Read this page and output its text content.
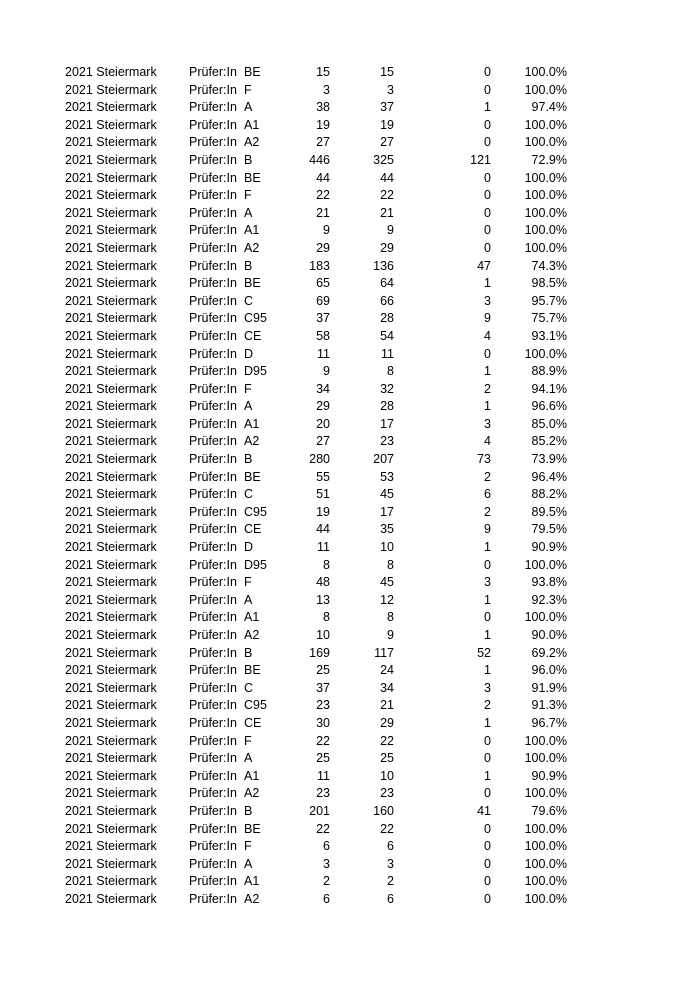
2021 Steiermark	Prüfer:In BE	15	15	0	100.0%
2021 Steiermark	Prüfer:In F	3	3	0	100.0%
2021 Steiermark	Prüfer:In A	38	37	1	97.4%
2021 Steiermark	Prüfer:In A1	19	19	0	100.0%
2021 Steiermark	Prüfer:In A2	27	27	0	100.0%
2021 Steiermark	Prüfer:In B	446	325	121	72.9%
2021 Steiermark	Prüfer:In BE	44	44	0	100.0%
2021 Steiermark	Prüfer:In F	22	22	0	100.0%
2021 Steiermark	Prüfer:In A	21	21	0	100.0%
2021 Steiermark	Prüfer:In A1	9	9	0	100.0%
2021 Steiermark	Prüfer:In A2	29	29	0	100.0%
2021 Steiermark	Prüfer:In B	183	136	47	74.3%
2021 Steiermark	Prüfer:In BE	65	64	1	98.5%
2021 Steiermark	Prüfer:In C	69	66	3	95.7%
2021 Steiermark	Prüfer:In C95	37	28	9	75.7%
2021 Steiermark	Prüfer:In CE	58	54	4	93.1%
2021 Steiermark	Prüfer:In D	11	11	0	100.0%
2021 Steiermark	Prüfer:In D95	9	8	1	88.9%
2021 Steiermark	Prüfer:In F	34	32	2	94.1%
2021 Steiermark	Prüfer:In A	29	28	1	96.6%
2021 Steiermark	Prüfer:In A1	20	17	3	85.0%
2021 Steiermark	Prüfer:In A2	27	23	4	85.2%
2021 Steiermark	Prüfer:In B	280	207	73	73.9%
2021 Steiermark	Prüfer:In BE	55	53	2	96.4%
2021 Steiermark	Prüfer:In C	51	45	6	88.2%
2021 Steiermark	Prüfer:In C95	19	17	2	89.5%
2021 Steiermark	Prüfer:In CE	44	35	9	79.5%
2021 Steiermark	Prüfer:In D	11	10	1	90.9%
2021 Steiermark	Prüfer:In D95	8	8	0	100.0%
2021 Steiermark	Prüfer:In F	48	45	3	93.8%
2021 Steiermark	Prüfer:In A	13	12	1	92.3%
2021 Steiermark	Prüfer:In A1	8	8	0	100.0%
2021 Steiermark	Prüfer:In A2	10	9	1	90.0%
2021 Steiermark	Prüfer:In B	169	117	52	69.2%
2021 Steiermark	Prüfer:In BE	25	24	1	96.0%
2021 Steiermark	Prüfer:In C	37	34	3	91.9%
2021 Steiermark	Prüfer:In C95	23	21	2	91.3%
2021 Steiermark	Prüfer:In CE	30	29	1	96.7%
2021 Steiermark	Prüfer:In F	22	22	0	100.0%
2021 Steiermark	Prüfer:In A	25	25	0	100.0%
2021 Steiermark	Prüfer:In A1	11	10	1	90.9%
2021 Steiermark	Prüfer:In A2	23	23	0	100.0%
2021 Steiermark	Prüfer:In B	201	160	41	79.6%
2021 Steiermark	Prüfer:In BE	22	22	0	100.0%
2021 Steiermark	Prüfer:In F	6	6	0	100.0%
2021 Steiermark	Prüfer:In A	3	3	0	100.0%
2021 Steiermark	Prüfer:In A1	2	2	0	100.0%
2021 Steiermark	Prüfer:In A2	6	6	0	100.0%
